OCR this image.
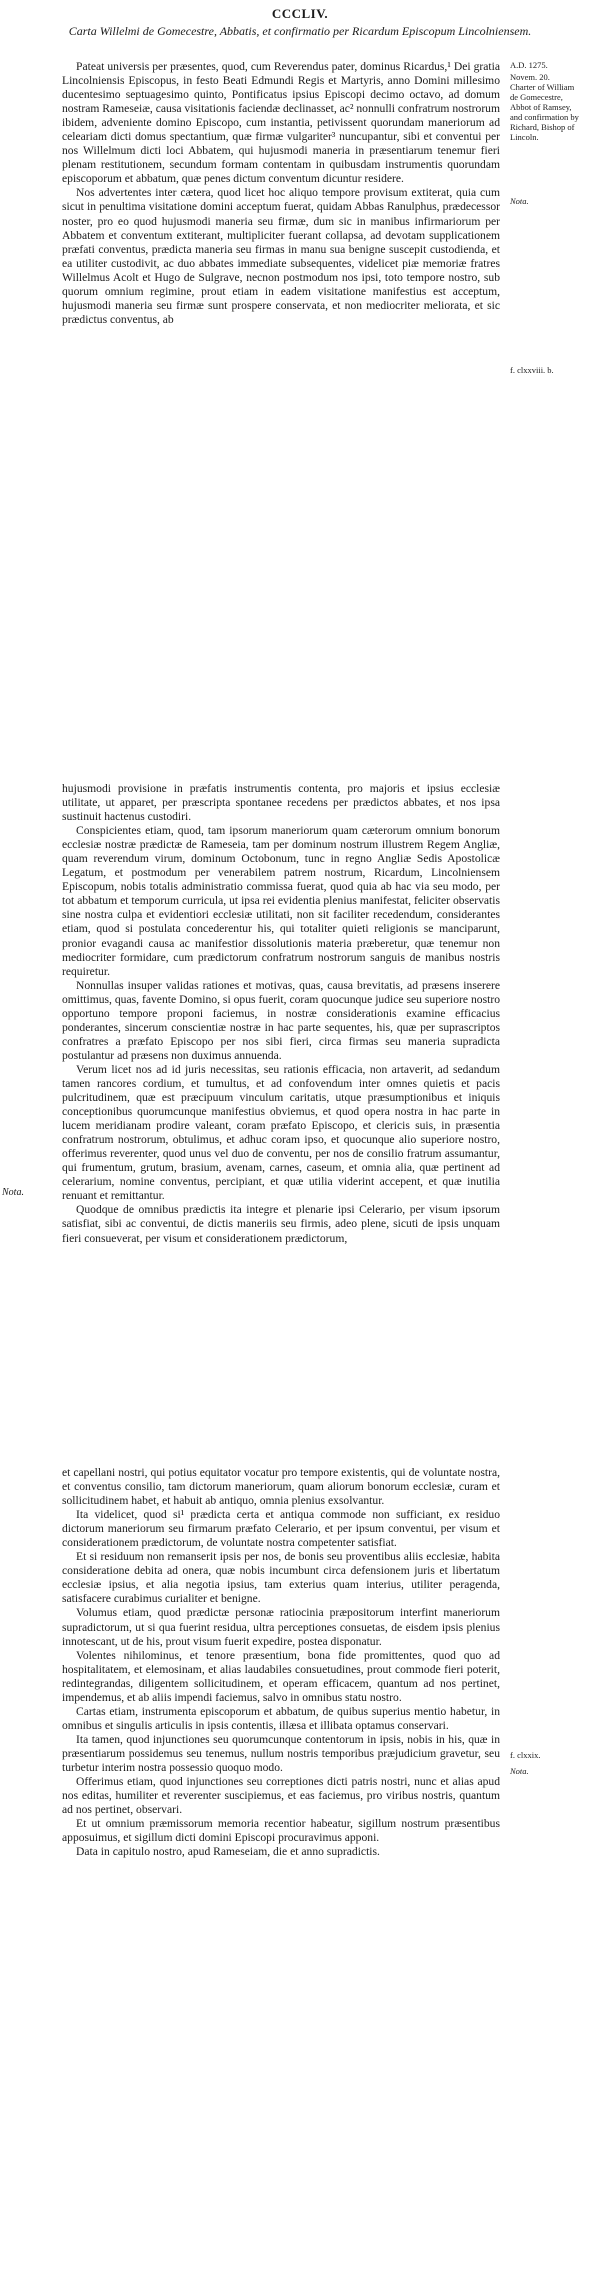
CCCLIV.
Carta Willelmi de Gomecestre, Abbatis, et confirmatio per Ricardum Episcopum Lincolniensem.
A.D. 1275.
Novem. 20.
Charter of William de Gomecestre, Abbot of Ramsey, and confirmation by Richard, Bishop of Lincoln.
Nota.
f. clxxviii. b.
f. clxxix.
Nota.
Nota.

Pateat universis per præsentes, quod, cum Reverendus pater, dominus Ricardus,¹ Dei gratia Lincolniensis Episcopus, in festo Beati Edmundi Regis et Martyris, anno Domini millesimo ducentesimo septuagesimo quinto, Pontificatus ipsius Episcopi decimo octavo, ad domum nostram Rameseiæ, causa visitationis faciendæ declinasset, ac² nonnulli confratrum nostrorum ibidem, adveniente domino Episcopo, cum instantia, petivissent quorundam maneriorum ad celeariam dicti domus spectantium, quæ firmæ vulgariter³ nuncupantur, sibi et conventui per nos Willelmum dicti loci Abbatem, qui hujusmodi maneria in præsentiarum tenemur fieri plenam restitutionem, secundum formam contentam in quibusdam instrumentis quorundam episcoporum et abbatum, quæ penes dictum conventum dicuntur residere.

Nos advertentes inter cætera, quod licet hoc aliquo tempore provisum extiterat, quia cum sicut in penultima visitatione domini acceptum fuerat, quidam Abbas Ranulphus, prædecessor noster, pro eo quod hujusmodi maneria seu firmæ, dum sic in manibus infirmariorum per Abbatem et conventum extiterant, multipliciter fuerant collapsa, ad devotam supplicationem præfati conventus, prædicta maneria seu firmas in manu sua benigne suscepit custodienda, et ea utiliter custodivit, ac duo abbates immediate subsequentes, videlicet piæ memoriæ fratres Willelmus Acolt et Hugo de Sulgrave, necnon postmodum nos ipsi, toto tempore nostro, sub quorum omnium regimine, prout etiam in eadem visitatione manifestius est acceptum, hujusmodi maneria seu firmæ sunt prospere conservata, et non mediocriter meliorata, et sic prædictus conventus, ab

hujusmodi provisione in præfatis instrumentis contenta, pro majoris et ipsius ecclesiæ utilitate, ut apparet, per præscripta spontanee recedens per prædictos abbates, et nos ipsa sustinuit hactenus custodiri.

Conspicientes etiam, quod, tam ipsorum maneriorum quam cæterorum omnium bonorum ecclesiæ nostræ prædictæ de Rameseia, tam per dominum nostrum illustrem Regem Angliæ, quam reverendum virum, dominum Octobonum, tunc in regno Angliæ Sedis Apostolicæ Legatum, et postmodum per venerabilem patrem nostrum, Ricardum, Lincolniensem Episcopum, nobis totalis administratio commissa fuerat, quod quia ab hac via seu modo, per tot abbatum et temporum curricula, ut ipsa rei evidentia plenius manifestat, feliciter observatis sine nostra culpa et evidentiori ecclesiæ utilitati, non sit faciliter recedendum, considerantes etiam, quod si postulata concederentur his, qui totaliter quieti religionis se manciparunt, pronior evagandi causa ac manifestior dissolutionis materia præberetur, quæ tenemur non mediocriter formidare, cum prædictorum confratrum nostrorum sanguis de manibus nostris requiretur.

Nonnullas insuper validas rationes et motivas, quas, causa brevitatis, ad præsens inserere omittimus, quas, favente Domino, si opus fuerit, coram quocunque judice seu superiore nostro opportuno tempore proponi faciemus, in nostræ considerationis examine efficacius ponderantes, sincerum conscientiæ nostræ in hac parte sequentes, his, quæ per suprascriptos confratres a præfato Episcopo per nos sibi fieri, circa firmas seu maneria supradicta postulantur ad præsens non duximus annuenda.

Verum licet nos ad id juris necessitas, seu rationis efficacia, non artaverit, ad sedandum tamen rancores cordium, et tumultus, et ad confovendum inter omnes quietis et pacis pulcritudinem, quæ est præcipuum vinculum caritatis, utque præsumptionibus et iniquis conceptionibus quorumcunque manifestius obviemus, et quod opera nostra in hac parte in lucem meridianam prodire valeant, coram præfato Episcopo, et clericis suis, in præsentia confratrum nostrorum, obtulimus, et adhuc coram ipso, et quocunque alio superiore nostro, offerimus reverenter, quod unus vel duo de conventu, per nos de consilio fratrum assumantur, qui frumentum, grutum, brasium, avenam, carnes, caseum, et omnia alia, quæ pertinent ad celerarium, nomine conventus, percipiant, et quæ utilia viderint accepent, et quæ inutilia renuant et remittantur.

Quodque de omnibus prædictis ita integre et plenarie ipsi Celerario, per visum ipsorum satisfiat, sibi ac conventui, de dictis maneriis seu firmis, adeo plene, sicuti de ipsis unquam fieri consueverat, per visum et considerationem prædictorum,

et capellani nostri, qui potius equitator vocatur pro tempore existentis, qui de voluntate nostra, et conventus consilio, tam dictorum maneriorum, quam aliorum bonorum ecclesiæ, curam et sollicitudinem habet, et habuit ab antiquo, omnia plenius exsolvantur.

Ita videlicet, quod si¹ prædicta certa et antiqua commode non sufficiant, ex residuo dictorum maneriorum seu firmarum præfato Celerario, et per ipsum conventui, per visum et considerationem prædictorum, de voluntate nostra competenter satisfiat.

Et si residuum non remanserit ipsis per nos, de bonis seu proventibus aliis ecclesiæ, habita consideratione debita ad onera, quæ nobis incumbunt circa defensionem juris et libertatum ecclesiæ ipsius, et alia negotia ipsius, tam exterius quam interius, utiliter peragenda, satisfacere curabimus curialiter et benigne.

Volumus etiam, quod prædictæ personæ ratiocinia præpositorum interfint maneriorum supradictorum, ut si qua fuerint residua, ultra perceptiones consuetas, de eisdem ipsis plenius innotescant, ut de his, prout visum fuerit expedire, postea disponatur.

Volentes nihilominus, et tenore præsentium, bona fide promittentes, quod quo ad hospitalitatem, et elemosinam, et alias laudabiles consuetudines, prout commode fieri poterit, redintegrandas, diligentem sollicitudinem, et operam efficacem, quantum ad nos pertinet, impendemus, et ab aliis impendi faciemus, salvo in omnibus statu nostro.

Cartas etiam, instrumenta episcoporum et abbatum, de quibus superius mentio habetur, in omnibus et singulis articulis in ipsis contentis, illæsa et illibata optamus conservari.

Ita tamen, quod injunctiones seu quorumcunque contentorum in ipsis, nobis in his, quæ in præsentiarum possidemus seu tenemus, nullum nostris temporibus præjudicium gravetur, seu turbetur interim nostra possessio quoquo modo.

Offerimus etiam, quod injunctiones seu correptiones dicti patris nostri, nunc et alias apud nos editas, humiliter et reverenter suscipiemus, et eas faciemus, pro viribus nostris, quantum ad nos pertinet, observari.

Et ut omnium præmissorum memoria recentior habeatur, sigillum nostrum præsentibus apposuimus, et sigillum dicti domini Episcopi procuravimus apponi.

Data in capitulo nostro, apud Rameseiam, die et anno supradictis.
